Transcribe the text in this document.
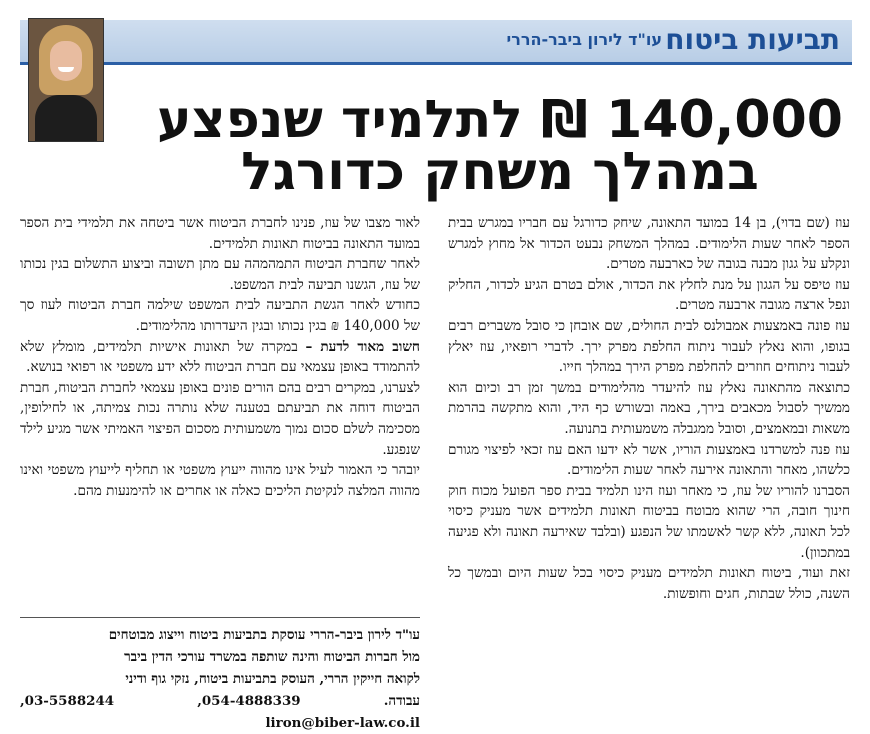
תביעות ביטוח
עו"ד לירון ביבר-הררי
140,000 ₪ לתלמיד שנפצע
במהלך משחק כדורגל

עוז (שם בדוי), בן 14 במועד התאונה, שיחק כדורגל עם חבריו במגרש בבית הספר לאחר שעות הלימודים. במהלך המשחק נבעט הכדור אל מחוץ למגרש ונקלע על גגון מבנה בגובה של כארבעה מטרים.

עוז טיפס על הגגון על מנת לחלץ את הכדור, אולם בטרם הגיע לכדור, החליק ונפל ארצה מגובה ארבעה מטרים.

עוז פונה באמצעות אמבולנס לבית החולים, שם אובחן כי סובל משברים רבים בגופו, והוא נאלץ לעבור ניתוח החלפת מפרק ירך. לדברי רופאיו, עוז יאלץ לעבור ניתוחים חוזרים להחלפת מפרק הירך במהלך חייו.

כתוצאה מהתאונה נאלץ עוז להיעדר מהלימודים במשך זמן רב וכיום הוא ממשיך לסבול מכאבים בירך, באמה ובשורש כף היד, והוא מתקשה בהרמת משאות ובמאמצים, וסובל ממגבלה משמעותית בתנועה.

עוז פנה למשרדנו באמצעות הוריו, אשר לא ידעו האם עוז זכאי לפיצוי מגורם כלשהו, מאחר והתאונה אירעה לאחר שעות הלימודים.

הסברנו להוריו של עוז, כי מאחר ועוז הינו תלמיד בבית ספר הפועל מכוח חוק חינוך חובה, הרי שהוא מבוטח בביטוח תאונות תלמידים אשר מעניק כיסוי לכל תאונה, ללא קשר לאשמתו של הנפגע (ובלבד שאירעה תאונה ולא פגיעה במתכוון).

זאת ועוד, ביטוח תאונות תלמידים מעניק כיסוי בכל שעות היום ובמשך כל השנה, כולל שבתות, חגים וחופשות.

לאור מצבו של עוז, פנינו לחברת הביטוח אשר ביטחה את תלמידי בית הספר במועד התאונה בביטוח תאונות תלמידים.

לאחר שחברת הביטוח התמהמהה עם מתן תשובה וביצוע התשלום בגין נכותו של עוז, הגשנו תביעה לבית המשפט.

כחודש לאחר הגשת התביעה לבית המשפט שילמה חברת הביטוח לעוז סך של 140,000 ₪ בגין נכותו ובגין היעדרותו מהלימודים.

חשוב מאוד לדעת – במקרה של תאונות אישיות תלמידים, מומלץ שלא להתמודד באופן עצמאי עם חברת הביטוח ללא ידע משפטי או רפואי בנושא.

לצערנו, במקרים רבים בהם הורים פונים באופן עצמאי לחברת הביטוח, חברת הביטוח דוחה את תביעתם בטענה שלא נותרה נכות צמיתה, או לחילופין, מסכימה לשלם סכום נמוך משמעותית מסכום הפיצוי האמיתי אשר מגיע לילד שנפגע.

יובהר כי האמור לעיל אינו מהווה ייעוץ משפטי או תחליף לייעוץ משפטי ואינו מהווה המלצה לנקיטת הליכים כאלה או אחרים או להימנעות מהם.

עו"ד לירון ביבר-הררי עוסקת בתביעות ביטוח וייצוג מבוטחים
מול חברות הביטוח והינה שותפה במשרד עורכי הדין ביבר
לקואה חייקין הררי, העוסק בתביעות ביטוח, נזקי גוף ודיני
עבודה. 03-5588244 ,054-4888339, liron@biber-law.co.il
